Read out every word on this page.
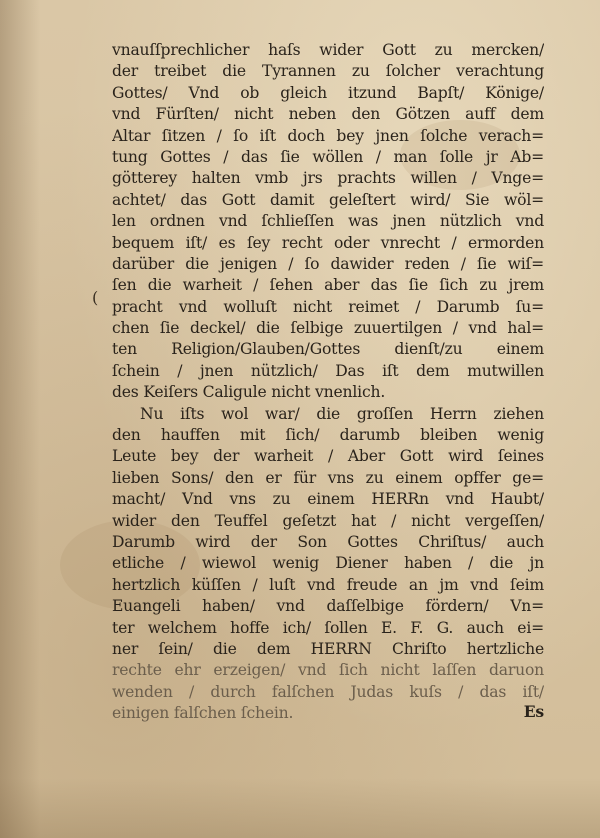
(
vnauſſprechlicher haſs wider Gott zu mercken/
der treibet die Tyrannen zu ſolcher verachtung
Gottes/ Vnd ob gleich itzund Bapſt/ Könige/
vnd Fürſten/ nicht neben den Götzen auff dem
Altar ſitzen / ſo iſt doch bey jnen ſolche verach=
tung Gottes / das ſie wöllen / man ſolle jr Ab=
götterey halten vmb jrs prachts willen / Vnge=
achtet/ das Gott damit geleſtert wird/ Sie wöl=
len ordnen vnd ſchlieſſen was jnen nützlich vnd
bequem iſt/ es ſey recht oder vnrecht / ermorden
darüber die jenigen / ſo dawider reden / ſie wiſ=
ſen die warheit / ſehen aber das ſie ſich zu jrem
pracht vnd wolluſt nicht reimet / Darumb ſu=
chen ſie deckel/ die ſelbige zuuertilgen / vnd hal=
ten Religion/Glauben/Gottes dienſt/zu einem
ſchein / jnen nützlich/ Das iſt dem mutwillen
des Keiſers Caligule nicht vnenlich.
Nu iſts wol war/ die groſſen Herrn ziehen
den hauffen mit ſich/ darumb bleiben wenig
Leute bey der warheit / Aber Gott wird ſeines
lieben Sons/ den er für vns zu einem opffer ge=
macht/ Vnd vns zu einem HERRn vnd Haubt/
wider den Teuffel geſetzt hat / nicht vergeſſen/
Darumb wird der Son Gottes Chriſtus/ auch
etliche / wiewol wenig Diener haben / die jn
hertzlich küſſen / luſt vnd freude an jm vnd ſeim
Euangeli haben/ vnd daſſelbige fördern/ Vn=
ter welchem hoffe ich/ ſollen E. F. G. auch ei=
ner ſein/ die dem HERRN Chriſto hertzliche
rechte ehr erzeigen/ vnd ſich nicht laſſen daruon
wenden / durch falſchen Judas kuſs / das iſt/
einigen falſchen ſchein.	Es
